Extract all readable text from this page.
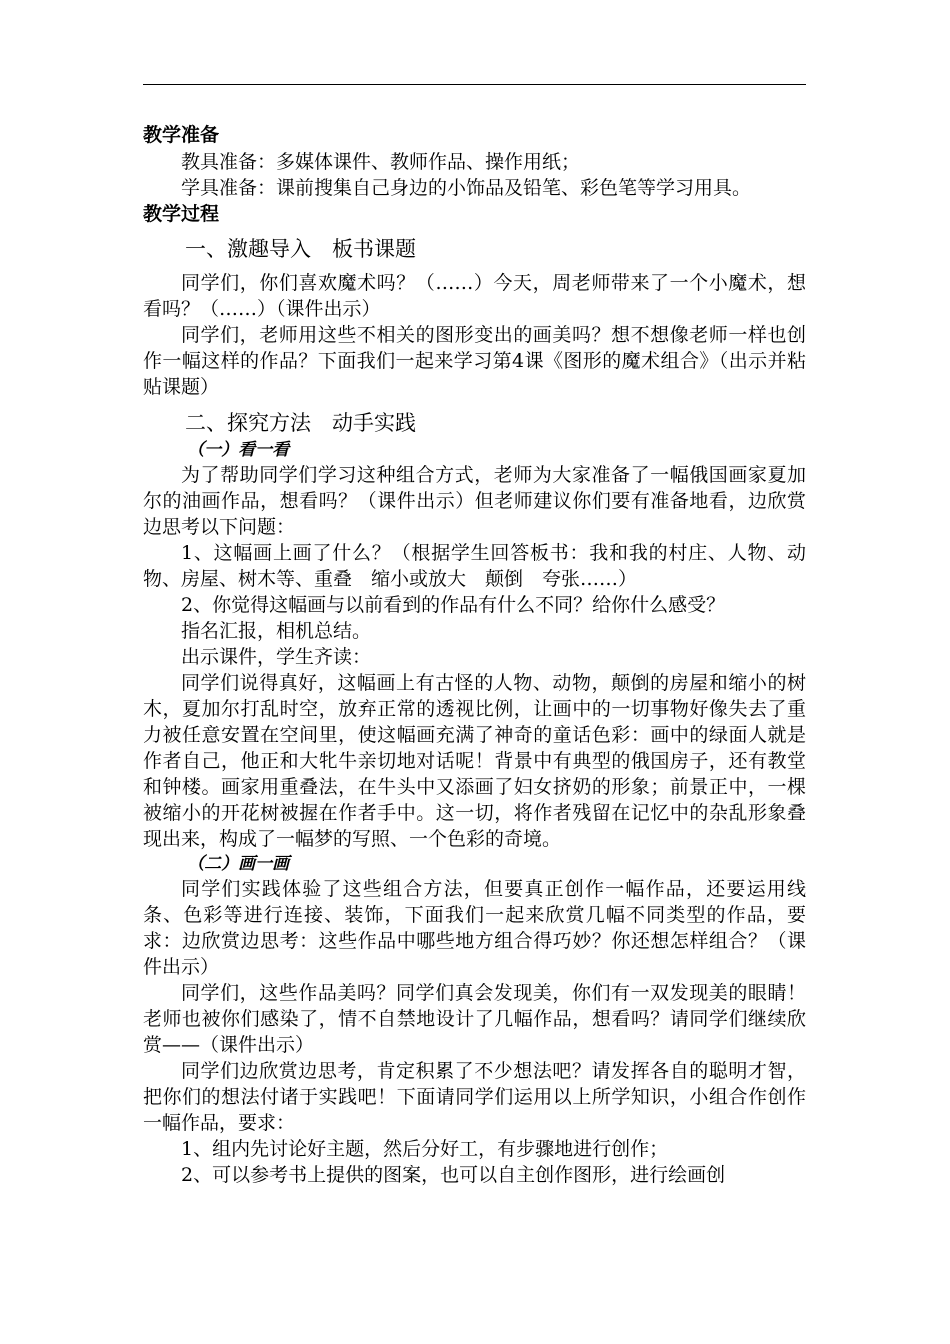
教学准备

教具准备：多媒体课件、教师作品、操作用纸；

学具准备：课前搜集自己身边的小饰品及铅笔、彩色笔等学习用具。

教学过程

一、激趣导入　板书课题

同学们，你们喜欢魔术吗？（……）今天，周老师带来了一个小魔术，想看吗？（……）（课件出示）

同学们，老师用这些不相关的图形变出的画美吗？想不想像老师一样也创作一幅这样的作品？下面我们一起来学习第4课《图形的魔术组合》（出示并粘贴课题）

二、探究方法　动手实践

（一）看一看

为了帮助同学们学习这种组合方式，老师为大家准备了一幅俄国画家夏加尔的油画作品，想看吗？（课件出示）但老师建议你们要有准备地看，边欣赏边思考以下问题：

1、这幅画上画了什么？（根据学生回答板书：我和我的村庄、人物、动物、房屋、树木等、重叠　缩小或放大　颠倒　夸张……）

2、你觉得这幅画与以前看到的作品有什么不同？给你什么感受？

指名汇报，相机总结。

出示课件，学生齐读：

同学们说得真好，这幅画上有古怪的人物、动物，颠倒的房屋和缩小的树木，夏加尔打乱时空，放弃正常的透视比例，让画中的一切事物好像失去了重力被任意安置在空间里，使这幅画充满了神奇的童话色彩：画中的绿面人就是作者自己，他正和大牝牛亲切地对话呢！背景中有典型的俄国房子，还有教堂和钟楼。画家用重叠法，在牛头中又添画了妇女挤奶的形象；前景正中，一棵被缩小的开花树被握在作者手中。这一切，将作者残留在记忆中的杂乱形象叠现出来，构成了一幅梦的写照、一个色彩的奇境。

（二）画一画

同学们实践体验了这些组合方法，但要真正创作一幅作品，还要运用线条、色彩等进行连接、装饰，下面我们一起来欣赏几幅不同类型的作品，要求：边欣赏边思考：这些作品中哪些地方组合得巧妙？你还想怎样组合？（课件出示）

同学们，这些作品美吗？同学们真会发现美，你们有一双发现美的眼睛！老师也被你们感染了，情不自禁地设计了几幅作品，想看吗？请同学们继续欣赏——（课件出示）

同学们边欣赏边思考，肯定积累了不少想法吧？请发挥各自的聪明才智，把你们的想法付诸于实践吧！下面请同学们运用以上所学知识，小组合作创作一幅作品，要求：

1、组内先讨论好主题，然后分好工，有步骤地进行创作；

2、可以参考书上提供的图案，也可以自主创作图形，进行绘画创
